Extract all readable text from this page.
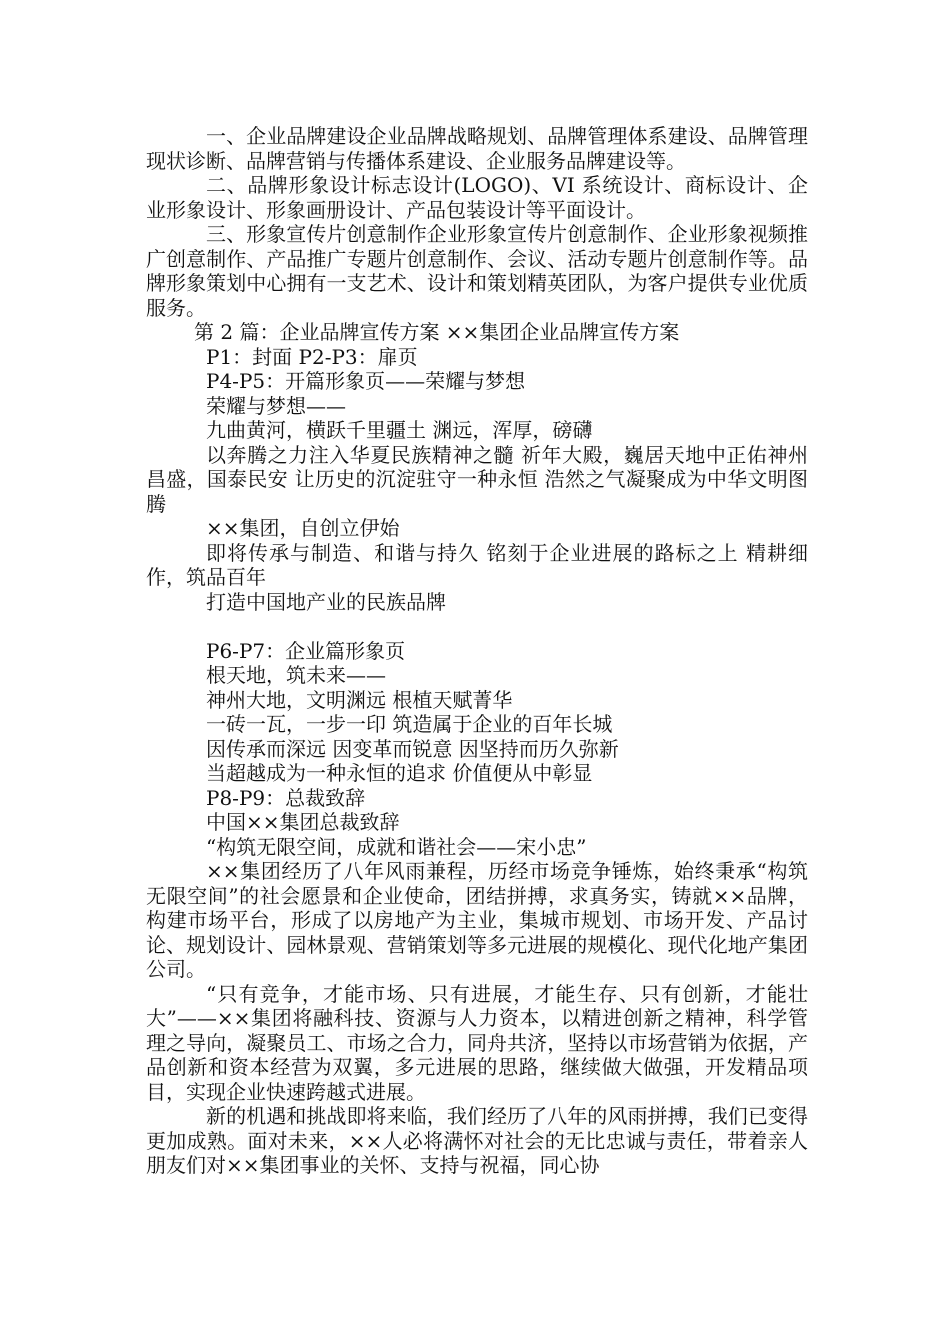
一、企业品牌建设企业品牌战略规划、品牌管理体系建设、品牌管理现状诊断、品牌营销与传播体系建设、企业服务品牌建设等。

二、品牌形象设计标志设计(LOGO)、VI 系统设计、商标设计、企业形象设计、形象画册设计、产品包装设计等平面设计。

三、形象宣传片创意制作企业形象宣传片创意制作、企业形象视频推广创意制作、产品推广专题片创意制作、会议、活动专题片创意制作等。品牌形象策划中心拥有一支艺术、设计和策划精英团队，为客户提供专业优质服务。

第 2 篇：企业品牌宣传方案 ××集团企业品牌宣传方案

P1：封面 P2-P3：扉页

P4-P5：开篇形象页——荣耀与梦想

荣耀与梦想——

九曲黄河，横跃千里疆土 渊远，浑厚，磅礴

以奔腾之力注入华夏民族精神之髓 祈年大殿，巍居天地中正佑神州昌盛，国泰民安 让历史的沉淀驻守一种永恒 浩然之气凝聚成为中华文明图腾

××集团，自创立伊始

即将传承与制造、和谐与持久 铭刻于企业进展的路标之上 精耕细作，筑品百年

打造中国地产业的民族品牌

P6-P7：企业篇形象页

根天地，筑未来——

神州大地，文明渊远 根植天赋菁华

一砖一瓦，一步一印 筑造属于企业的百年长城

因传承而深远 因变革而锐意 因坚持而历久弥新

当超越成为一种永恒的追求 价值便从中彰显

P8-P9：总裁致辞

中国××集团总裁致辞

“构筑无限空间，成就和谐社会——宋小忠”

××集团经历了八年风雨兼程，历经市场竞争锤炼，始终秉承“构筑无限空间”的社会愿景和企业使命，团结拼搏，求真务实，铸就××品牌，构建市场平台，形成了以房地产为主业，集城市规划、市场开发、产品讨论、规划设计、园林景观、营销策划等多元进展的规模化、现代化地产集团公司。

“只有竞争，才能市场、只有进展，才能生存、只有创新，才能壮大”——××集团将融科技、资源与人力资本，以精进创新之精神，科学管理之导向，凝聚员工、市场之合力，同舟共济，坚持以市场营销为依据，产品创新和资本经营为双翼，多元进展的思路，继续做大做强，开发精品项目，实现企业快速跨越式进展。

新的机遇和挑战即将来临，我们经历了八年的风雨拼搏，我们已变得更加成熟。面对未来，××人必将满怀对社会的无比忠诚与责任，带着亲人朋友们对××集团事业的关怀、支持与祝福，同心协
